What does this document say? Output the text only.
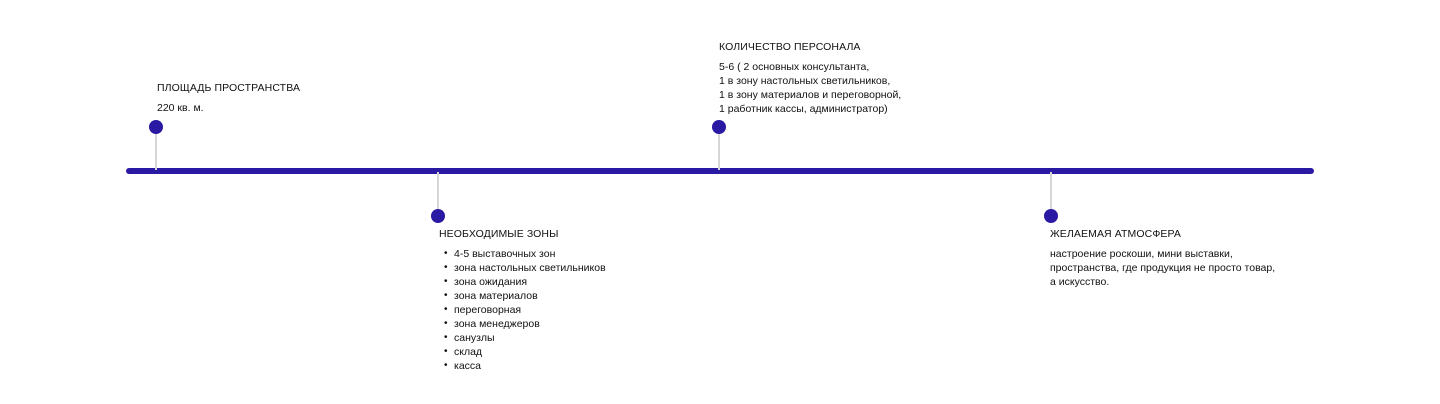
ПЛОЩАДЬ ПРОСТРАНСТВА
220 кв. м.
НЕОБХОДИМЫЕ ЗОНЫ
• 4-5 выставочных зон
• зона настольных светильников
• зона ожидания
• зона материалов
• переговорная
• зона менеджеров
• санузлы
• склад
• касса
КОЛИЧЕСТВО ПЕРСОНАЛА
5-6 ( 2 основных консультанта,
1 в зону настольных светильников,
1 в зону материалов и переговорной,
1 работник кассы, администратор)
ЖЕЛАЕМАЯ АТМОСФЕРА
настроение роскоши, мини выставки,
пространства, где продукция не просто товар,
а искусство.
